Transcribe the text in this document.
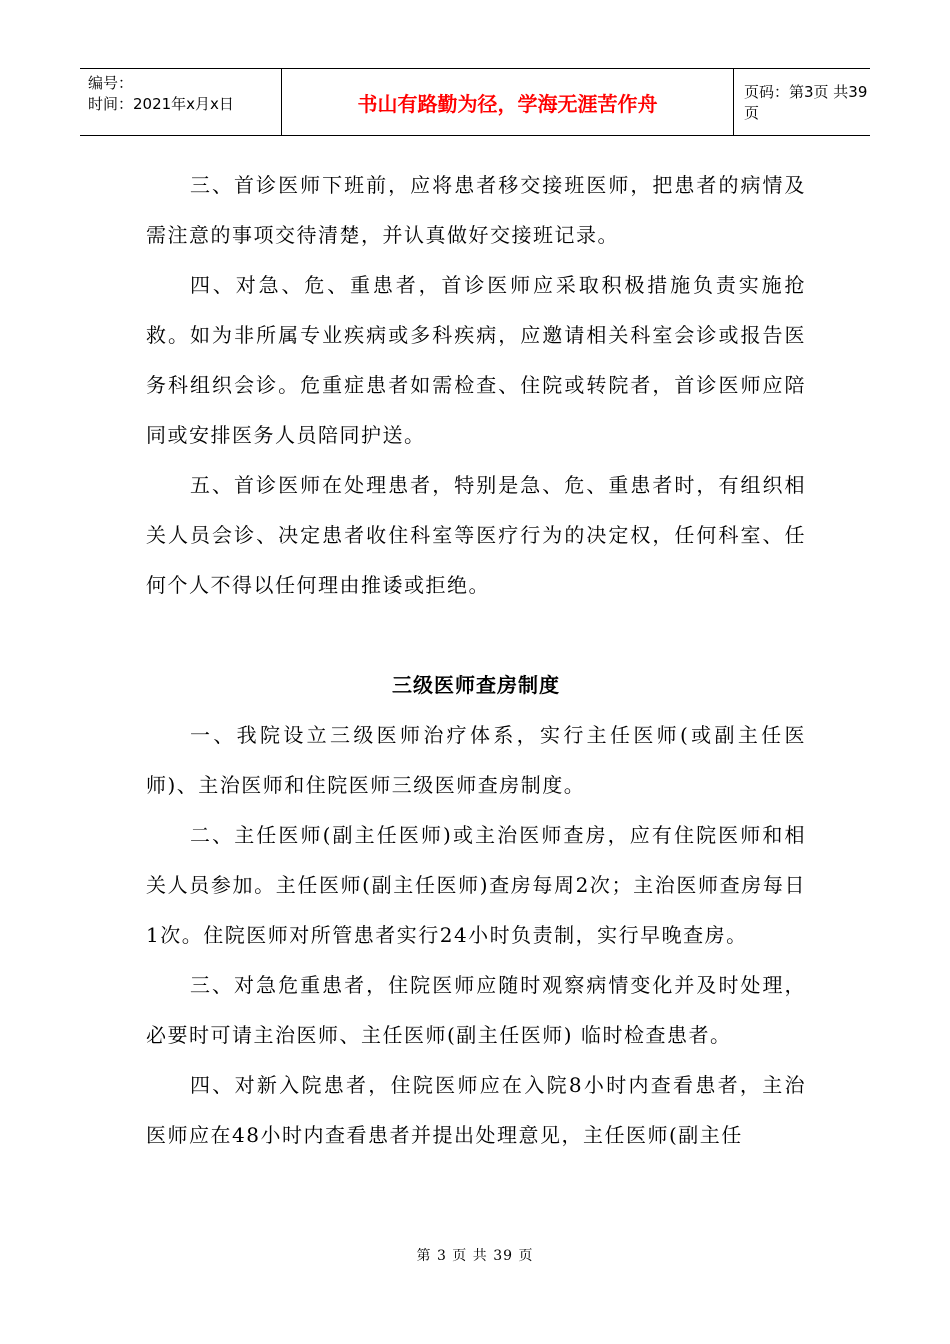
编号：
时间：2021年x月x日	书山有路勤为径，学海无涯苦作舟	页码：第3页 共39页

三、首诊医师下班前，应将患者移交接班医师，把患者的病情及需注意的事项交待清楚，并认真做好交接班记录。

四、对急、危、重患者，首诊医师应采取积极措施负责实施抢救。如为非所属专业疾病或多科疾病，应邀请相关科室会诊或报告医务科组织会诊。危重症患者如需检查、住院或转院者，首诊医师应陪同或安排医务人员陪同护送。

五、首诊医师在处理患者，特别是急、危、重患者时，有组织相关人员会诊、决定患者收住科室等医疗行为的决定权，任何科室、任何个人不得以任何理由推诿或拒绝。

三级医师查房制度

一、我院设立三级医师治疗体系，实行主任医师(或副主任医师)、主治医师和住院医师三级医师查房制度。

二、主任医师(副主任医师)或主治医师查房，应有住院医师和相关人员参加。主任医师(副主任医师)查房每周2次；主治医师查房每日1次。住院医师对所管患者实行24小时负责制，实行早晚查房。

三、对急危重患者，住院医师应随时观察病情变化并及时处理，必要时可请主治医师、主任医师(副主任医师) 临时检查患者。

四、对新入院患者，住院医师应在入院8小时内查看患者，主治医师应在48小时内查看患者并提出处理意见，主任医师(副主任

第 3 页 共 39 页
